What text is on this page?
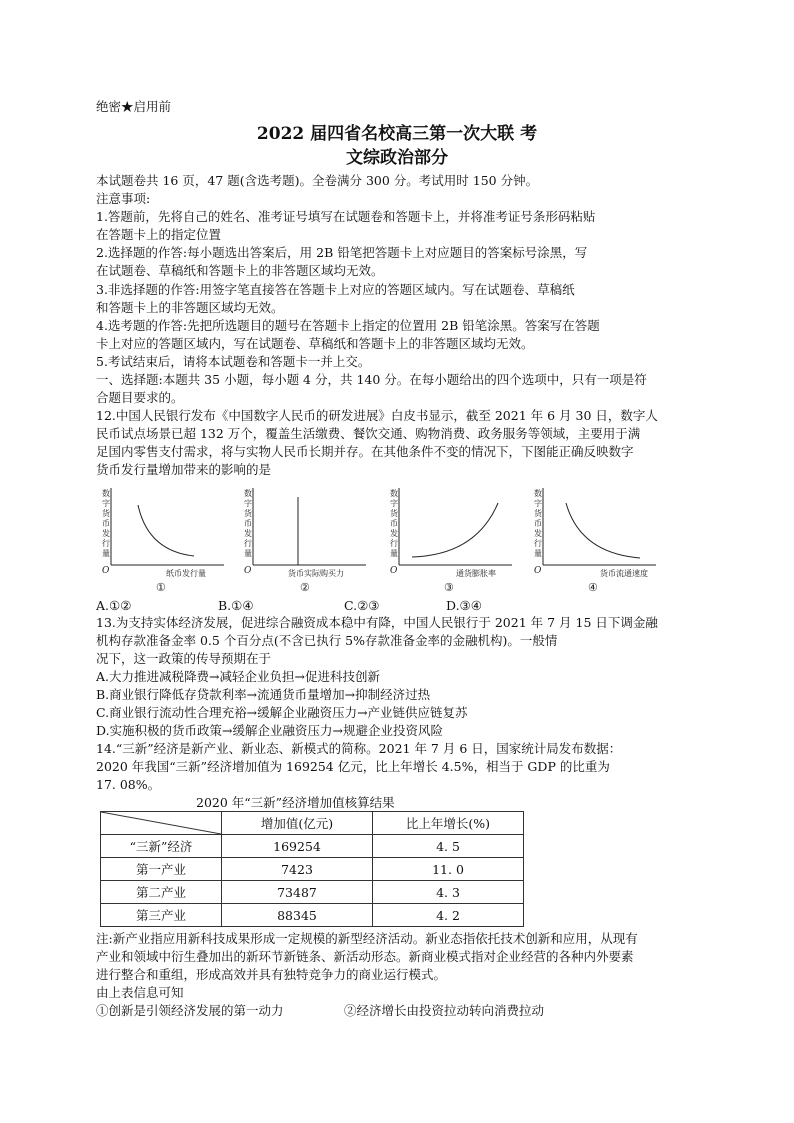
绝密★启用前
2022 届四省名校高三第一次大联 考
文综政治部分
本试题卷共 16 页，47 题(含选考题)。全卷满分 300 分。考试用时 150 分钟。
注意事项:
1.答题前，先将自己的姓名、准考证号填写在试题卷和答题卡上，并将准考证号条形码粘贴
在答题卡上的指定位置
2.选择题的作答:每小题选出答案后，用 2B 铅笔把答题卡上对应题目的答案标号涂黑，写
在试题卷、草稿纸和答题卡上的非答题区域均无效。
3.非选择题的作答:用签字笔直接答在答题卡上对应的答题区域内。写在试题卷、草稿纸
和答题卡上的非答题区域均无效。
4.选考题的作答:先把所选题目的题号在答题卡上指定的位置用 2B 铅笔涂黑。答案写在答题
卡上对应的答题区域内，写在试题卷、草稿纸和答题卡上的非答题区域均无效。
5.考试结束后，请将本试题卷和答题卡一并上交。
一、选择题:本题共 35 小题，每小题 4 分，共 140 分。在每小题给出的四个选项中，只有一项是符
合题目要求的。
12.中国人民银行发布《中国数字人民币的研发进展》白皮书显示，截至 2021 年 6 月 30 日，数字人
民币试点场景已超 132 万个，覆盖生活缴费、餐饮交通、购物消费、政务服务等领域，主要用于满
足国内零售支付需求，将与实物人民币长期并存。在其他条件不变的情况下，下图能正确反映数字
货币发行量增加带来的影响的是
数
字
货
币
发
行
量
O	纸币发行量
①
数
字
货
币
发
行
量
O	货币实际购买力
②
数
字
货
币
发
行
量
O	通货膨胀率
③
数
字
货
币
发
行
量
O	货币流通速度
④
A.①②	B.①④	C.②③	D.③④
13.为支持实体经济发展，促进综合融资成本稳中有降，中国人民银行于 2021 年 7 月 15 日下调金融
机构存款准备金率 0.5 个百分点(不含已执行 5%存款准备金率的金融机构)。一般情
况下，这一政策的传导预期在于
A.大力推进减税降费→减轻企业负担→促进科技创新
B.商业银行降低存贷款利率→流通货币量增加→抑制经济过热
C.商业银行流动性合理充裕→缓解企业融资压力→产业链供应链复苏
D.实施积极的货币政策→缓解企业融资压力→规避企业投资风险
14.“三新”经济是新产业、新业态、新模式的简称。2021 年 7 月 6 日，国家统计局发布数据：
2020 年我国“三新”经济增加值为 169254 亿元，比上年增长 4.5%，相当于 GDP 的比重为
17. 08%。
2020 年“三新”经济增加值核算结果
	增加值(亿元)	比上年增长(%)
“三新”经济	169254	4. 5
第一产业	7423	11. 0
第二产业	73487	4. 3
第三产业	88345	4. 2
注:新产业指应用新科技成果形成一定规模的新型经济活动。新业态指依托技术创新和应用，从现有
产业和领域中衍生叠加出的新环节新链条、新活动形态。新商业模式指对企业经营的各种内外要素
进行整合和重组，形成高效并具有独特竞争力的商业运行模式。
由上表信息可知
①创新是引领经济发展的第一动力	②经济增长由投资拉动转向消费拉动
